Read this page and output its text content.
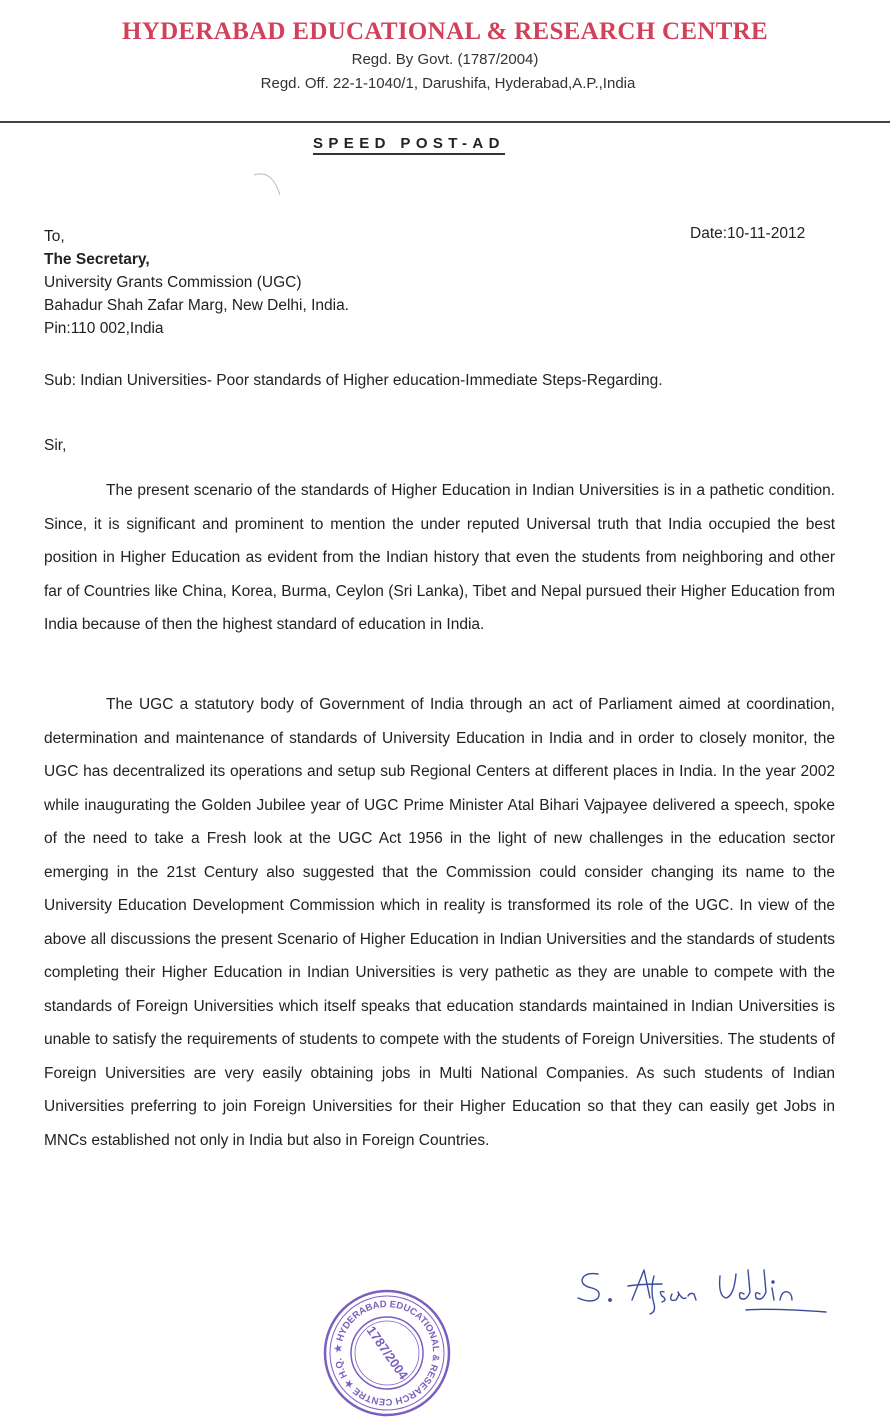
HYDERABAD EDUCATIONAL & RESEARCH CENTRE
Regd. By Govt. (1787/2004)
Regd. Off. 22-1-1040/1, Darushifa, Hyderabad,A.P.,India
SPEED POST-AD
To,
The Secretary,
University Grants Commission (UGC)
Bahadur Shah Zafar Marg, New Delhi, India.
Pin:110 002,India
Date:10-11-2012
Sub: Indian Universities- Poor standards of Higher education-Immediate Steps-Regarding.
Sir,

The present scenario of the standards of Higher Education in Indian Universities is in a pathetic condition. Since, it is significant and prominent to mention the under reputed Universal truth that India occupied the best position in Higher Education as evident from the Indian history that even the students from neighboring and other far of Countries like China, Korea, Burma, Ceylon (Sri Lanka), Tibet and Nepal pursued their Higher Education from India because of then the highest standard of education in India.

The UGC a statutory body of Government of India through an act of Parliament aimed at coordination, determination and maintenance of standards of University Education in India and in order to closely monitor, the UGC has decentralized its operations and setup sub Regional Centers at different places in India. In the year 2002 while inaugurating the Golden Jubilee year of UGC Prime Minister Atal Bihari Vajpayee delivered a speech, spoke of the need to take a Fresh look at the UGC Act 1956 in the light of new challenges in the education sector emerging in the 21st Century also suggested that the Commission could consider changing its name to the University Education Development Commission which in reality is transformed its role of the UGC. In view of the above all discussions the present Scenario of Higher Education in Indian Universities and the standards of students completing their Higher Education in Indian Universities is very pathetic as they are unable to compete with the standards of Foreign Universities which itself speaks that education standards maintained in Indian Universities is unable to satisfy the requirements of students to compete with the students of Foreign Universities. The students of Foreign Universities are very easily obtaining jobs in Multi National Companies. As such students of Indian Universities preferring to join Foreign Universities for their Higher Education so that they can easily get Jobs in MNCs established not only in India but also in Foreign Countries.

★ HYDERABAD EDUCATIONAL & RESEARCH CENTRE ★ H.Q.	1787/2004
